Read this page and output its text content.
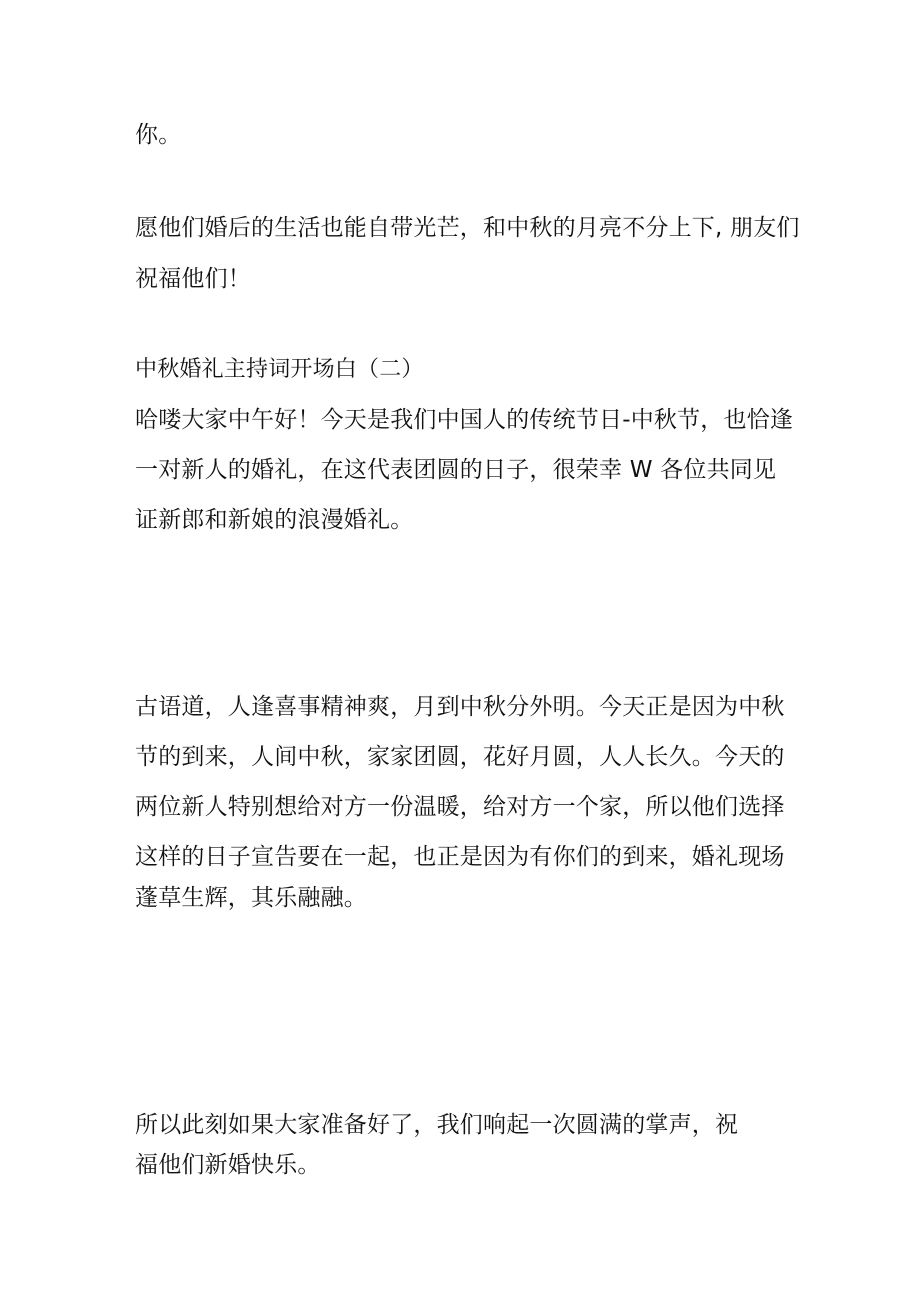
你。
愿他们婚后的生活也能自带光芒，和中秋的月亮不分上下, 朋友们
祝福他们！
中秋婚礼主持词开场白（二）
哈喽大家中午好！今天是我们中国人的传统节日-中秋节，也恰逢
一对新人的婚礼，在这代表团圆的日子，很荣幸 W 各位共同见
证新郎和新娘的浪漫婚礼。
古语道，人逢喜事精神爽，月到中秋分外明。今天正是因为中秋
节的到来，人间中秋，家家团圆，花好月圆，人人长久。今天的
两位新人特别想给对方一份温暖，给对方一个家，所以他们选择
这样的日子宣告要在一起，也正是因为有你们的到来，婚礼现场
蓬草生辉，其乐融融。
所以此刻如果大家准备好了，我们响起一次圆满的掌声，祝
福他们新婚快乐。
